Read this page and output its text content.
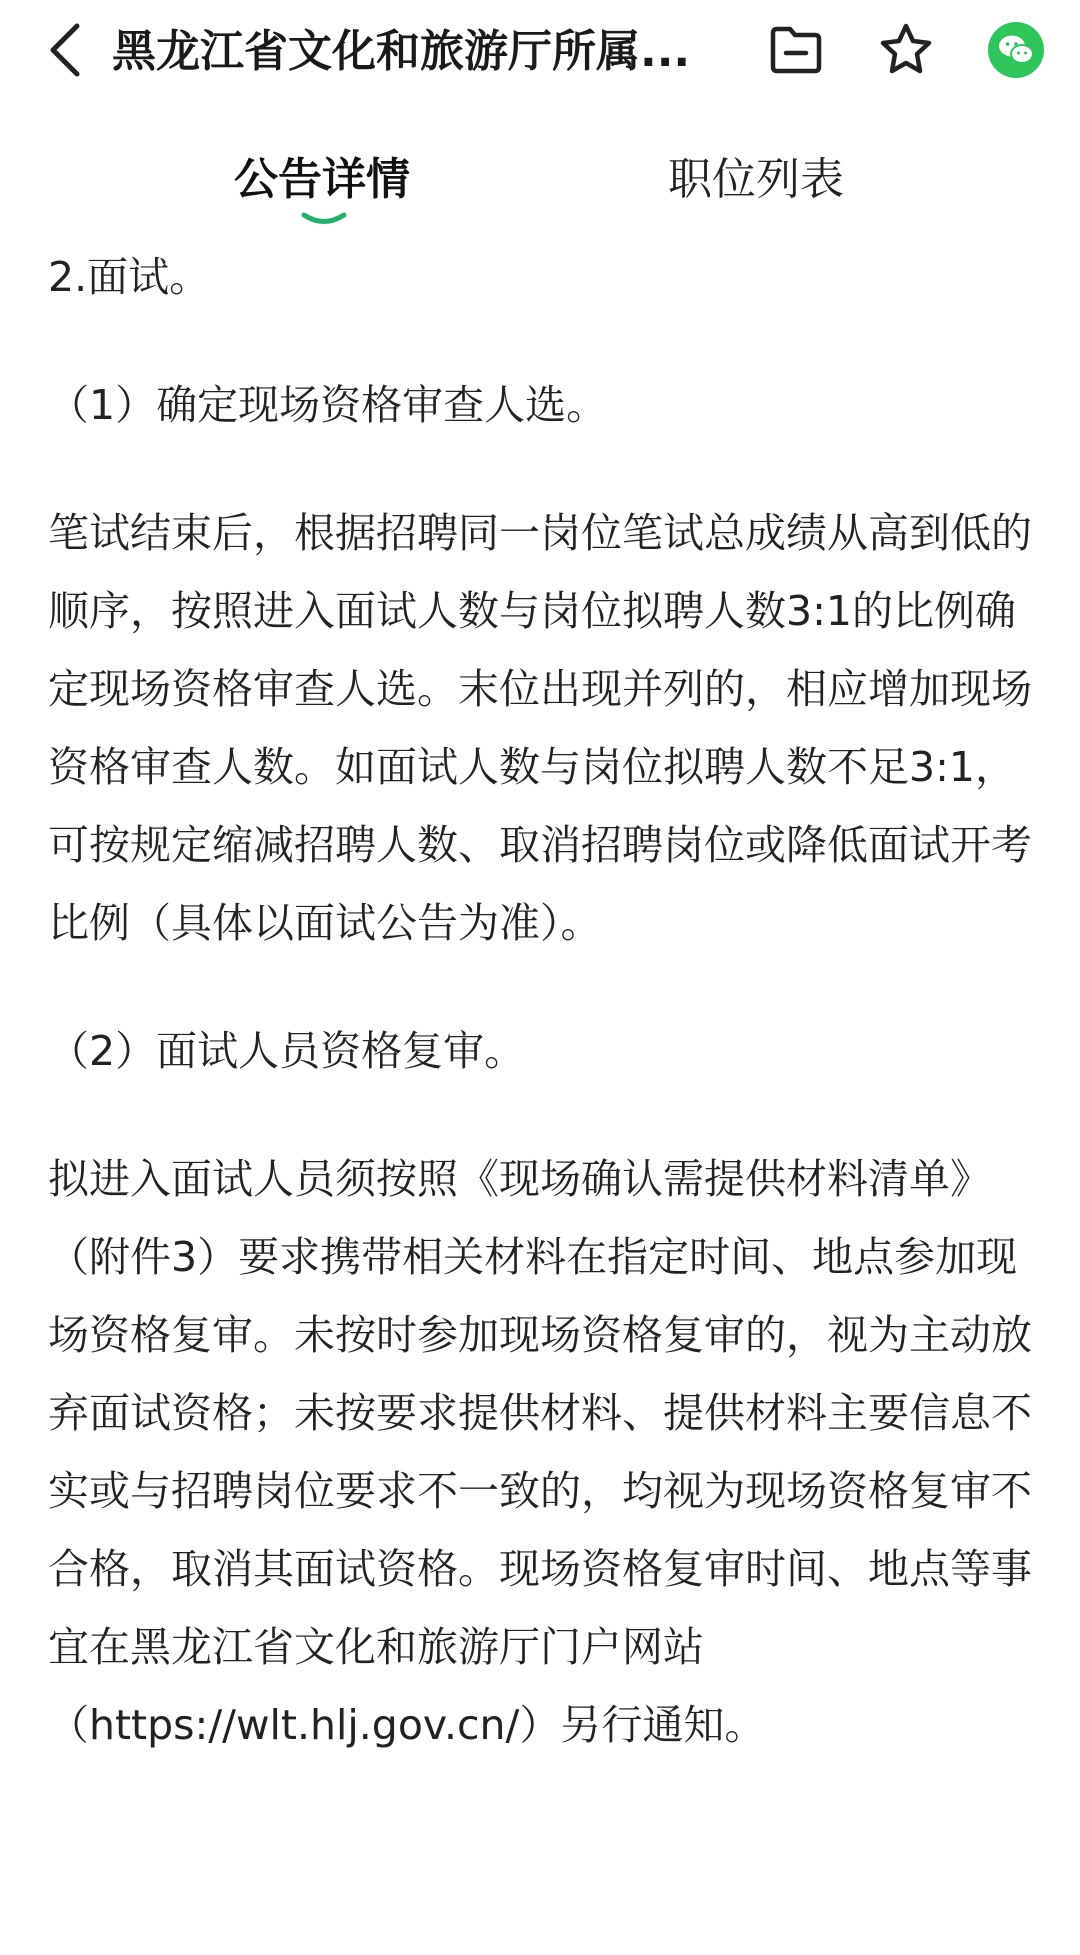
黑龙江省文化和旅游厅所属...
公告详情	职位列表

2.面试。

（1）确定现场资格审查人选。

笔试结束后，根据招聘同一岗位笔试总成绩从高到低的顺序，按照进入面试人数与岗位拟聘人数3:1的比例确定现场资格审查人选。末位出现并列的，相应增加现场资格审查人数。如面试人数与岗位拟聘人数不足3:1，可按规定缩减招聘人数、取消招聘岗位或降低面试开考比例（具体以面试公告为准）。

（2）面试人员资格复审。

拟进入面试人员须按照《现场确认需提供材料清单》（附件3）要求携带相关材料在指定时间、地点参加现场资格复审。未按时参加现场资格复审的，视为主动放弃面试资格；未按要求提供材料、提供材料主要信息不实或与招聘岗位要求不一致的，均视为现场资格复审不合格，取消其面试资格。现场资格复审时间、地点等事宜在黑龙江省文化和旅游厅门户网站（https://wlt.hlj.gov.cn/）另行通知。
